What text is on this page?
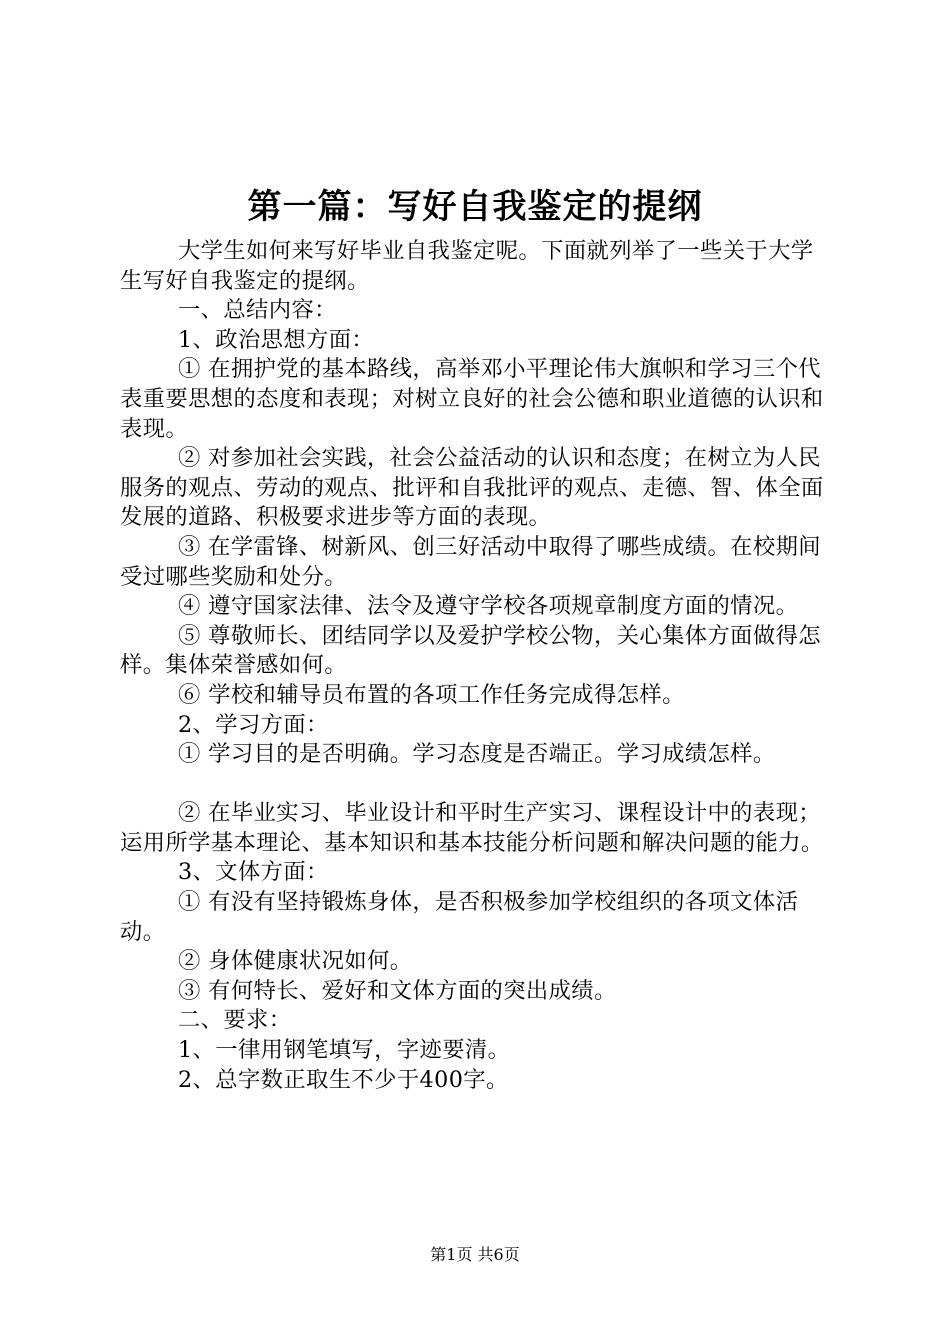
第一篇：写好自我鉴定的提纲

大学生如何来写好毕业自我鉴定呢。下面就列举了一些关于大学生写好自我鉴定的提纲。

一、总结内容：

1、政治思想方面：

① 在拥护党的基本路线，高举邓小平理论伟大旗帜和学习三个代表重要思想的态度和表现；对树立良好的社会公德和职业道德的认识和表现。

② 对参加社会实践，社会公益活动的认识和态度；在树立为人民服务的观点、劳动的观点、批评和自我批评的观点、走德、智、体全面发展的道路、积极要求进步等方面的表现。

③ 在学雷锋、树新风、创三好活动中取得了哪些成绩。在校期间受过哪些奖励和处分。

④ 遵守国家法律、法令及遵守学校各项规章制度方面的情况。

⑤ 尊敬师长、团结同学以及爱护学校公物，关心集体方面做得怎样。集体荣誉感如何。

⑥ 学校和辅导员布置的各项工作任务完成得怎样。

2、学习方面：

① 学习目的是否明确。学习态度是否端正。学习成绩怎样。

② 在毕业实习、毕业设计和平时生产实习、课程设计中的表现；运用所学基本理论、基本知识和基本技能分析问题和解决问题的能力。

3、文体方面：

① 有没有坚持锻炼身体，是否积极参加学校组织的各项文体活动。

② 身体健康状况如何。

③ 有何特长、爱好和文体方面的突出成绩。

二、要求：

1、一律用钢笔填写，字迹要清。

2、总字数正取生不少于400字。

第1页 共6页
